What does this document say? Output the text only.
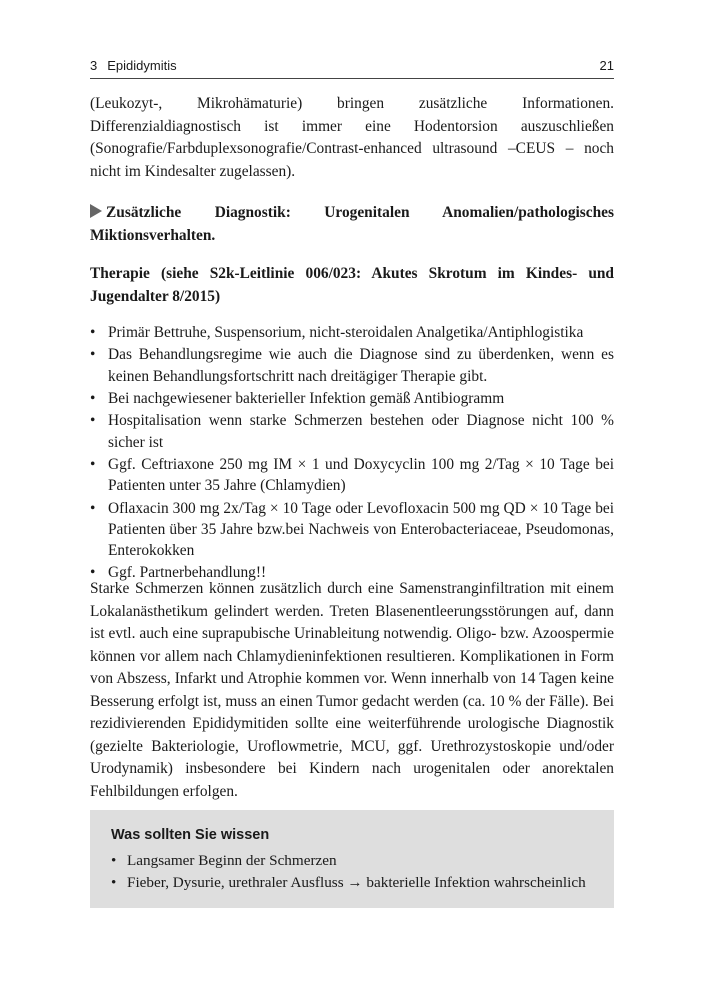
3 Epididymitis	21

(Leukozyt-, Mikrohämaturie) bringen zusätzliche Informationen. Differenzialdiagnostisch ist immer eine Hodentorsion auszuschließen (Sonografie/Farbduplexsonografie/Contrast-enhanced ultrasound –CEUS – noch nicht im Kindesalter zugelassen).

Zusätzliche Diagnostik: Urogenitalen Anomalien/pathologisches Miktionsverhalten.

Therapie (siehe S2k-Leitlinie 006/023: Akutes Skrotum im Kindes- und Jugendalter 8/2015)

• Primär Bettruhe, Suspensorium, nicht-steroidalen Analgetika/Antiphlogistika
• Das Behandlungsregime wie auch die Diagnose sind zu überdenken, wenn es keinen Behandlungsfortschritt nach dreitägiger Therapie gibt.
• Bei nachgewiesener bakterieller Infektion gemäß Antibiogramm
• Hospitalisation wenn starke Schmerzen bestehen oder Diagnose nicht 100 % sicher ist
• Ggf. Ceftriaxone 250 mg IM × 1 und Doxycyclin 100 mg 2/Tag × 10 Tage bei Patienten unter 35 Jahre (Chlamydien)
• Oflaxacin 300 mg 2x/Tag × 10 Tage oder Levofloxacin 500 mg QD × 10 Tage bei Patienten über 35 Jahre bzw.bei Nachweis von Enterobacteriaceae, Pseudomonas, Enterokokken
• Ggf. Partnerbehandlung!!

Starke Schmerzen können zusätzlich durch eine Samenstranginfiltration mit einem Lokalanästhetikum gelindert werden. Treten Blasenentleerungsstörungen auf, dann ist evtl. auch eine suprapubische Urinableitung notwendig. Oligo- bzw. Azoospermie können vor allem nach Chlamydieninfektionen resultieren. Komplikationen in Form von Abszess, Infarkt und Atrophie kommen vor. Wenn innerhalb von 14 Tagen keine Besserung erfolgt ist, muss an einen Tumor gedacht werden (ca. 10 % der Fälle). Bei rezidivierenden Epididymitiden sollte eine weiterführende urologische Diagnostik (gezielte Bakteriologie, Uroflowmetrie, MCU, ggf. Urethrozystoskopie und/oder Urodynamik) insbesondere bei Kindern nach urogenitalen oder anorektalen Fehlbildungen erfolgen.

Was sollten Sie wissen
• Langsamer Beginn der Schmerzen
• Fieber, Dysurie, urethraler Ausfluss → bakterielle Infektion wahrscheinlich
